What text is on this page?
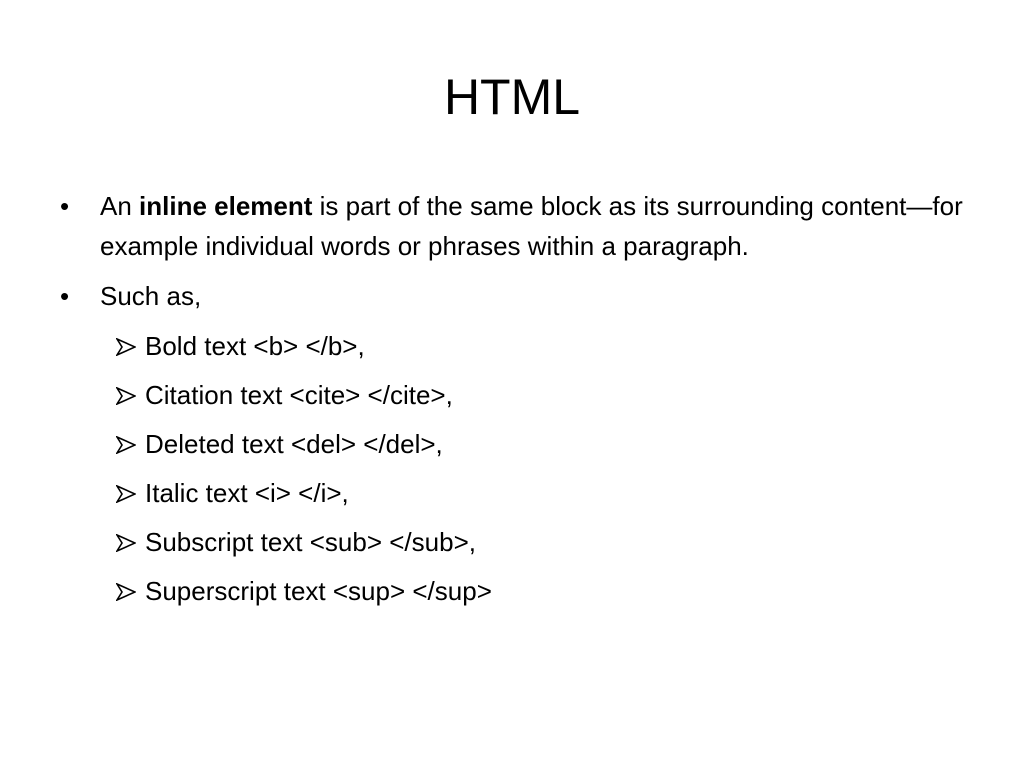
HTML
• An inline element is part of the same block as its surrounding content—for example individual words or phrases within a paragraph.
• Such as,
Bold text <b> </b>,
Citation text <cite> </cite>,
Deleted text <del> </del>,
Italic text <i> </i>,
Subscript text <sub> </sub>,
Superscript text <sup> </sup>
